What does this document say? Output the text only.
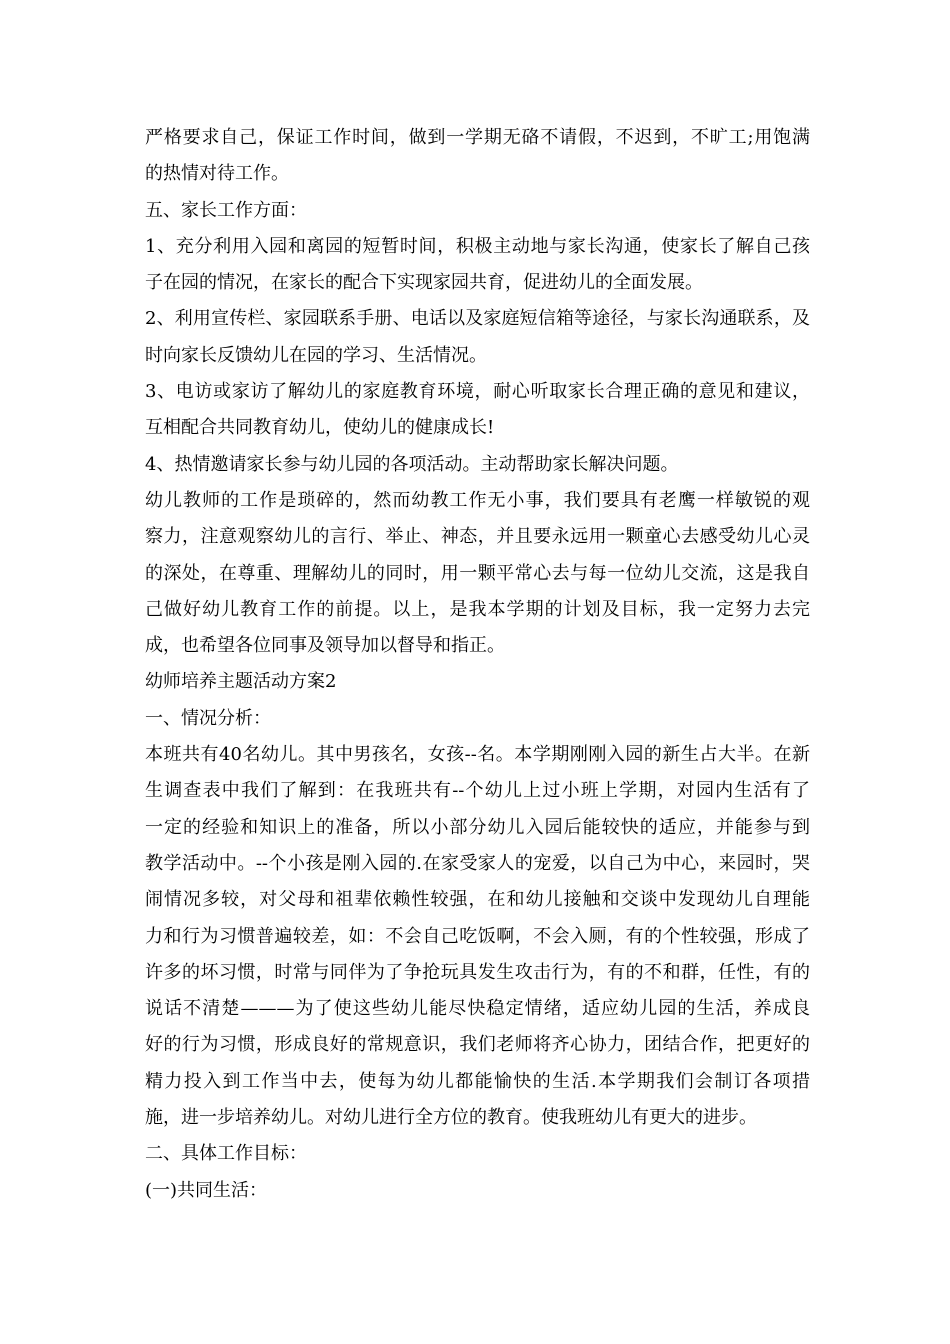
严格要求自己，保证工作时间，做到一学期无硌不请假，不迟到，不旷工;用饱满
的热情对待工作。
五、家长工作方面：
1、充分利用入园和离园的短暂时间，积极主动地与家长沟通，使家长了解自己孩
子在园的情况，在家长的配合下实现家园共育，促进幼儿的全面发展。
2、利用宣传栏、家园联系手册、电话以及家庭短信箱等途径，与家长沟通联系，及
时向家长反馈幼儿在园的学习、生活情况。
3、电访或家访了解幼儿的家庭教育环境，耐心听取家长合理正确的意见和建议，
互相配合共同教育幼儿，使幼儿的健康成长!
4、热情邀请家长参与幼儿园的各项活动。主动帮助家长解决问题。
幼儿教师的工作是琐碎的，然而幼教工作无小事，我们要具有老鹰一样敏锐的观
察力，注意观察幼儿的言行、举止、神态，并且要永远用一颗童心去感受幼儿心灵
的深处，在尊重、理解幼儿的同时，用一颗平常心去与每一位幼儿交流，这是我自
己做好幼儿教育工作的前提。以上，是我本学期的计划及目标，我一定努力去完
成，也希望各位同事及领导加以督导和指正。
幼师培养主题活动方案2
一、情况分析：
本班共有40名幼儿。其中男孩名，女孩--名。本学期刚刚入园的新生占大半。在新
生调查表中我们了解到：在我班共有--个幼儿上过小班上学期，对园内生活有了
一定的经验和知识上的准备，所以小部分幼儿入园后能较快的适应，并能参与到
教学活动中。--个小孩是刚入园的.在家受家人的宠爱，以自己为中心，来园时，哭
闹情况多较，对父母和祖辈依赖性较强，在和幼儿接触和交谈中发现幼儿自理能
力和行为习惯普遍较差，如：不会自己吃饭啊，不会入厕，有的个性较强，形成了
许多的坏习惯，时常与同伴为了争抢玩具发生攻击行为，有的不和群，任性，有的
说话不清楚———为了使这些幼儿能尽快稳定情绪，适应幼儿园的生活，养成良
好的行为习惯，形成良好的常规意识，我们老师将齐心协力，团结合作，把更好的
精力投入到工作当中去，使每为幼儿都能愉快的生活.本学期我们会制订各项措
施，进一步培养幼儿。对幼儿进行全方位的教育。使我班幼儿有更大的进步。
二、具体工作目标：
(一)共同生活：
